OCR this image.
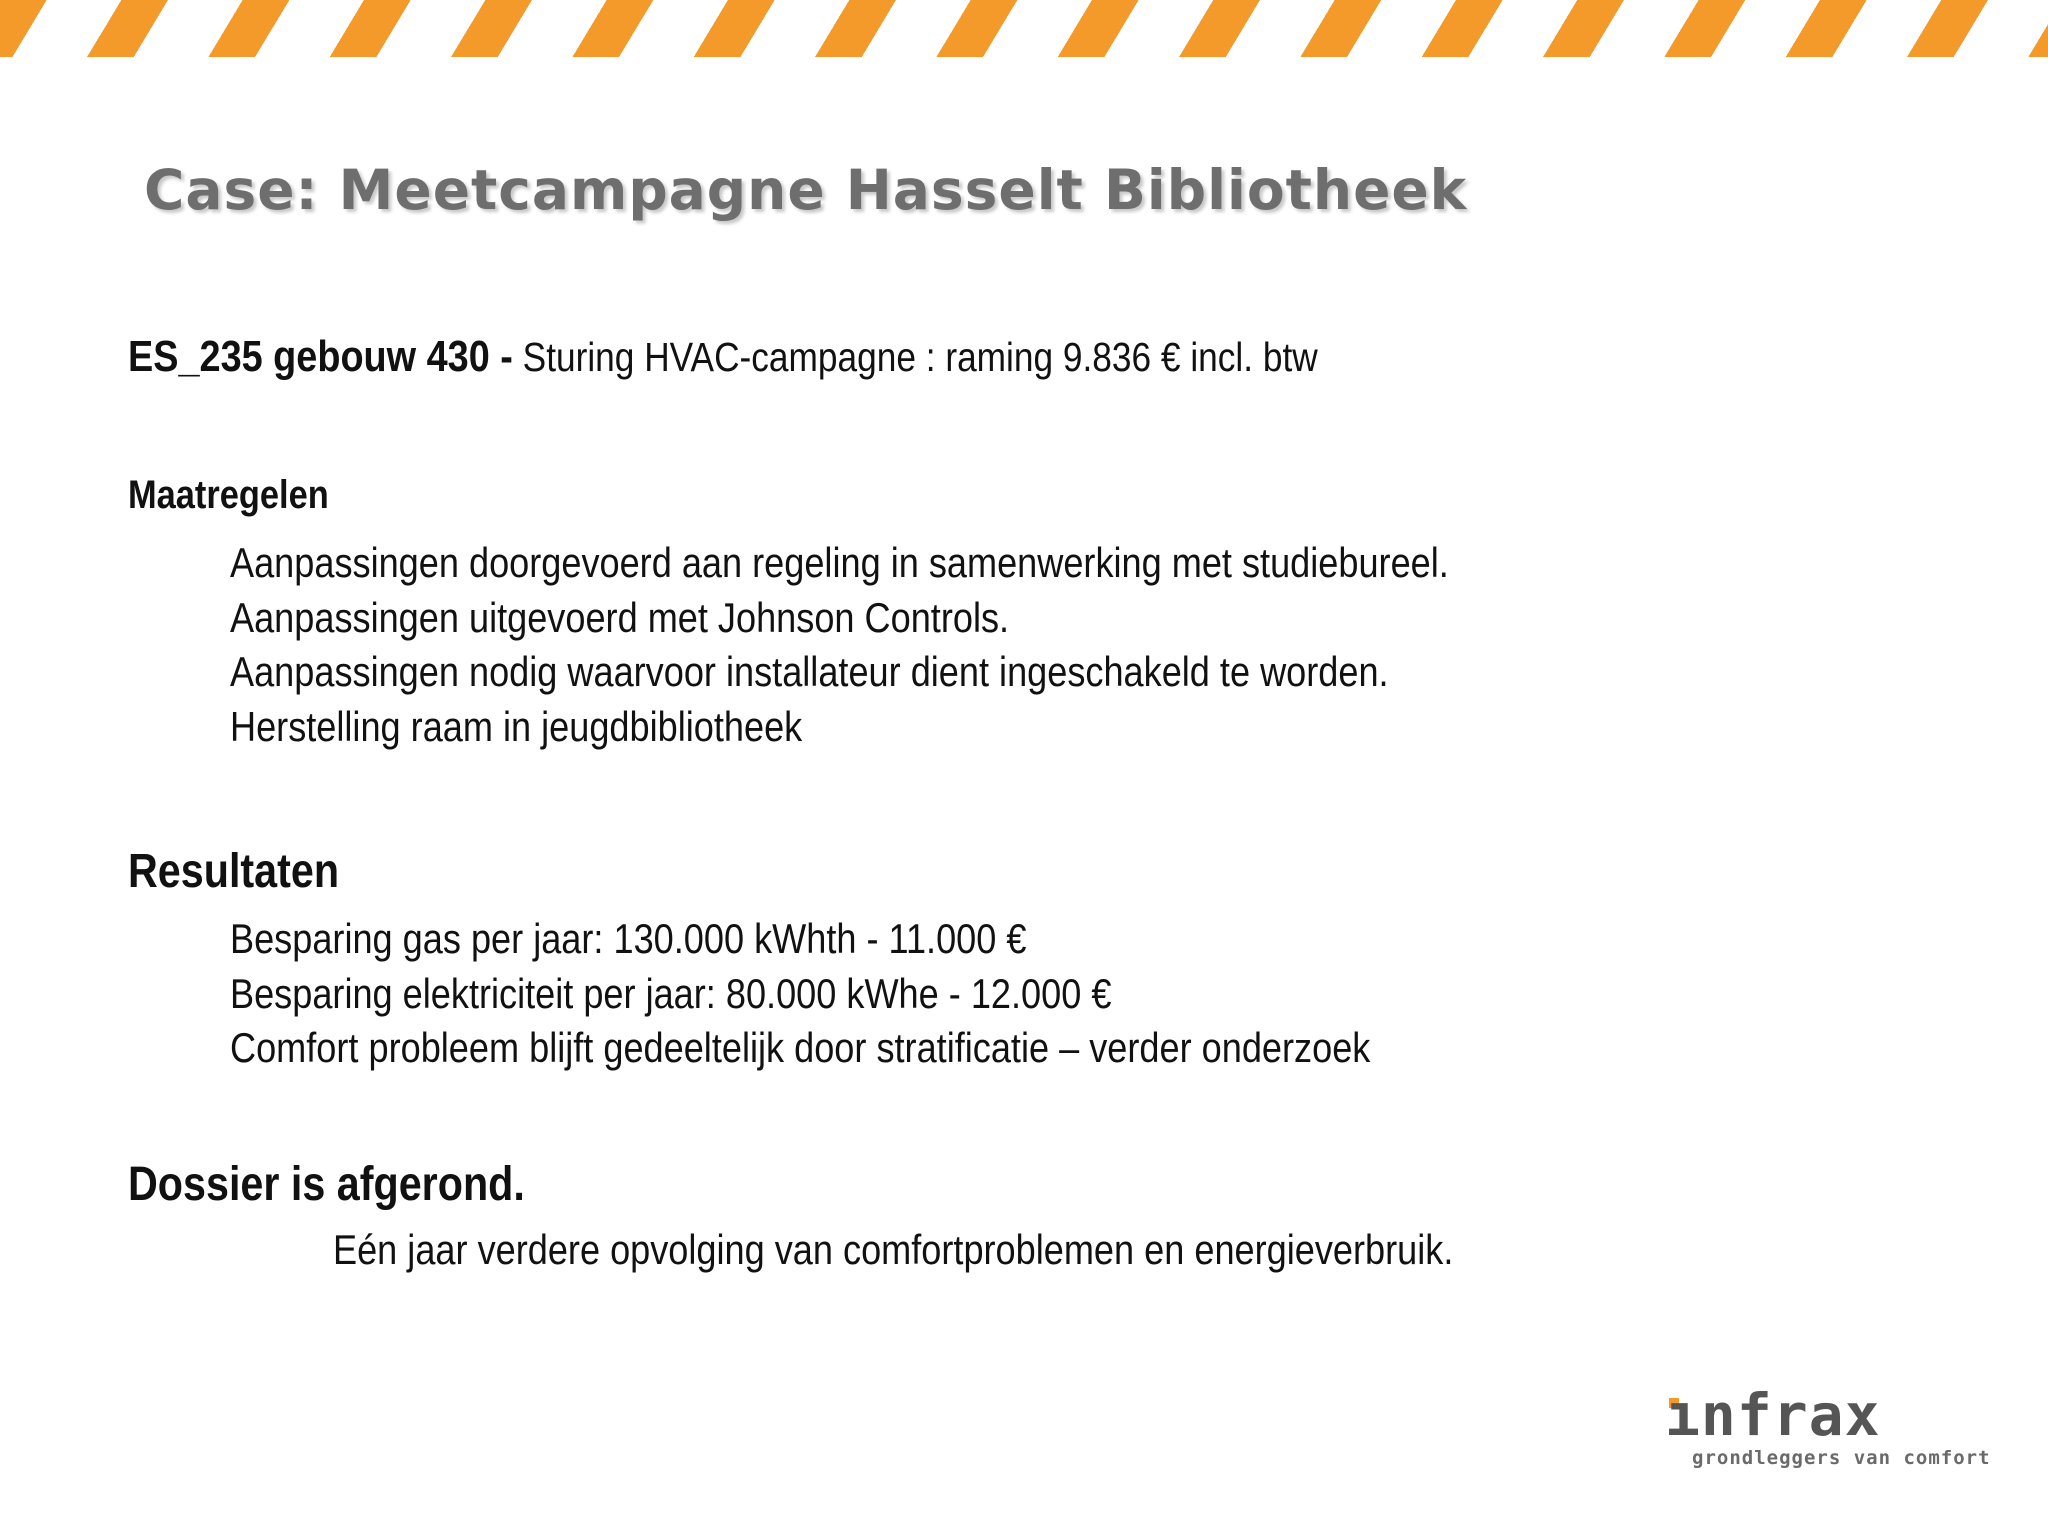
Case: Meetcampagne Hasselt Bibliotheek
ES_235 gebouw 430 - Sturing HVAC-campagne : raming 9.836 € incl. btw
Maatregelen
Aanpassingen doorgevoerd aan regeling in samenwerking met studiebureel.
Aanpassingen uitgevoerd met Johnson Controls.
Aanpassingen nodig waarvoor installateur dient ingeschakeld te worden.
Herstelling raam in jeugdbibliotheek
Resultaten
Besparing gas per jaar: 130.000 kWhth - 11.000 €
Besparing elektriciteit per jaar: 80.000 kWhe - 12.000 €
Comfort probleem blijft gedeeltelijk door stratificatie – verder onderzoek
Dossier is afgerond.

Eén jaar verdere opvolging van comfortproblemen en energieverbruik.

ınfrax
grondleggers van comfort
